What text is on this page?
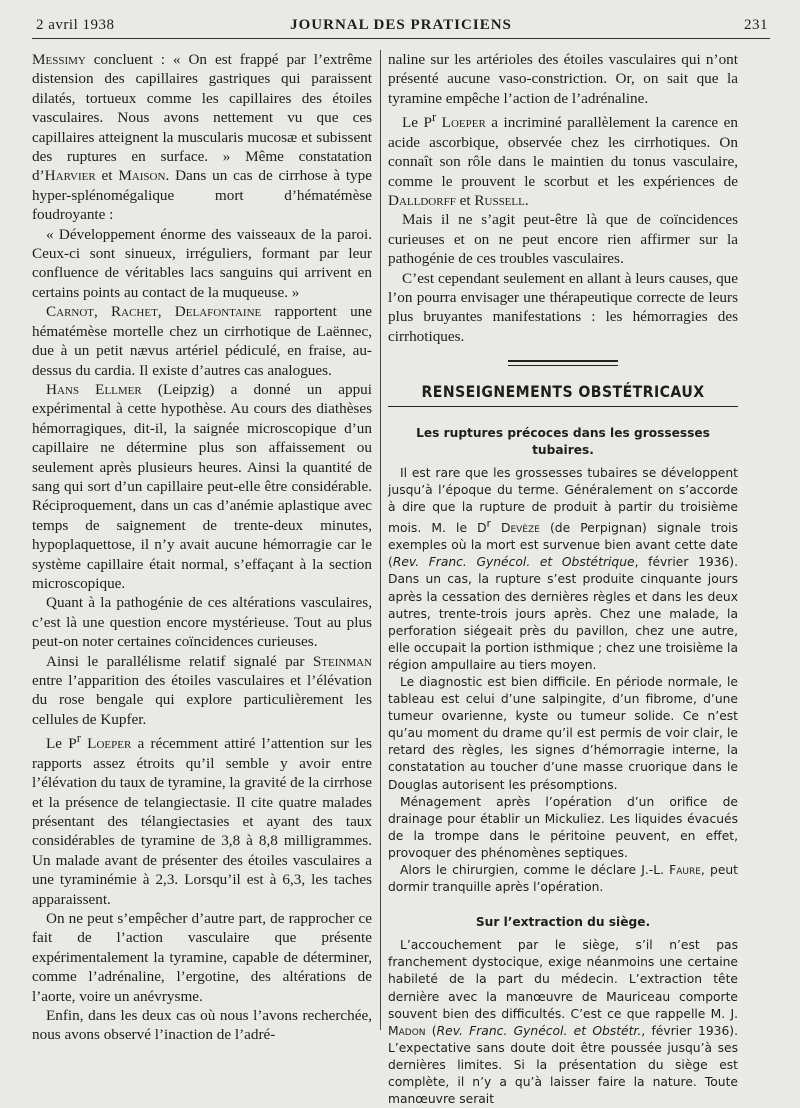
2 avril 1938	JOURNAL DES PRATICIENS	231

Messimy concluent : « On est frappé par l’extrême distension des capillaires gastriques qui paraissent dilatés, tortueux comme les capillaires des étoiles vasculaires. Nous avons nettement vu que ces capillaires atteignent la muscularis mucosæ et subissent des ruptures en surface. » Même constatation d’Harvier et Maison. Dans un cas de cirrhose à type hyper-splénomégalique mort d’hématémèse foudroyante :

« Développement énorme des vaisseaux de la paroi. Ceux-ci sont sinueux, irréguliers, formant par leur confluence de véritables lacs sanguins qui arrivent en certains points au contact de la muqueuse. »

Carnot, Rachet, Delafontaine rapportent une hématémèse mortelle chez un cirrhotique de Laënnec, due à un petit nævus artériel pédiculé, en fraise, au-dessus du cardia. Il existe d’autres cas analogues.

Hans Ellmer (Leipzig) a donné un appui expérimental à cette hypothèse. Au cours des diathèses hémorragiques, dit-il, la saignée microscopique d’un capillaire ne détermine plus son affaissement ou seulement après plusieurs heures. Ainsi la quantité de sang qui sort d’un capillaire peut-elle être considérable. Réciproquement, dans un cas d’anémie aplastique avec temps de saignement de trente-deux minutes, hypoplaquettose, il n’y avait aucune hémorragie car le système capillaire était normal, s’effaçant à la section microscopique.

Quant à la pathogénie de ces altérations vasculaires, c’est là une question encore mystérieuse. Tout au plus peut-on noter certaines coïncidences curieuses.

Ainsi le parallélisme relatif signalé par Steinman entre l’apparition des étoiles vasculaires et l’élévation du rose bengale qui explore particulièrement les cellules de Kupfer.

Le $P^r$ Loeper a récemment attiré l’attention sur les rapports assez étroits qu’il semble y avoir entre l’élévation du taux de tyramine, la gravité de la cirrhose et la présence de telangiectasie. Il cite quatre malades présentant des télangiectasies et ayant des taux considérables de tyramine de 3,8 à 8,8 milligrammes. Un malade avant de présenter des étoiles vasculaires a une tyraminémie à 2,3. Lorsqu’il est à 6,3, les taches apparaissent.

On ne peut s’empêcher d’autre part, de rapprocher ce fait de l’action vasculaire que présente expérimentalement la tyramine, capable de déterminer, comme l’adrénaline, l’ergotine, des altérations de l’aorte, voire un anévrysme.

Enfin, dans les deux cas où nous l’avons recherchée, nous avons observé l’inaction de l’adré-

naline sur les artérioles des étoiles vasculaires qui n’ont présenté aucune vaso-constriction. Or, on sait que la tyramine empêche l’action de l’adrénaline.

Le $P^r$ Loeper a incriminé parallèlement la carence en acide ascorbique, observée chez les cirrhotiques. On connaît son rôle dans le maintien du tonus vasculaire, comme le prouvent le scorbut et les expériences de Dalldorff et Russell.

Mais il ne s’agit peut-être là que de coïncidences curieuses et on ne peut encore rien affirmer sur la pathogénie de ces troubles vasculaires.

C’est cependant seulement en allant à leurs causes, que l’on pourra envisager une thérapeutique correcte de leurs plus bruyantes manifestations : les hémorragies des cirrhotiques.

RENSEIGNEMENTS OBSTÉTRICAUX
Les ruptures précoces dans les grossesses tubaires.

Il est rare que les grossesses tubaires se développent jusqu’à l’époque du terme. Généralement on s’accorde à dire que la rupture de produit à partir du troisième mois. M. le $D^r$ Devèze (de Perpignan) signale trois exemples où la mort est survenue bien avant cette date (Rev. Franc. Gynécol. et Obstétrique, février 1936). Dans un cas, la rupture s’est produite cinquante jours après la cessation des dernières règles et dans les deux autres, trente-trois jours après. Chez une malade, la perforation siégeait près du pavillon, chez une autre, elle occupait la portion isthmique ; chez une troisième la région ampullaire au tiers moyen.

Le diagnostic est bien difficile. En période normale, le tableau est celui d’une salpingite, d’un fibrome, d’une tumeur ovarienne, kyste ou tumeur solide. Ce n’est qu’au moment du drame qu’il est permis de voir clair, le retard des règles, les signes d’hémorragie interne, la constatation au toucher d’une masse cruorique dans le Douglas autorisent les présomptions.

Ménagement après l’opération d’un orifice de drainage pour établir un Mickuliez. Les liquides évacués de la trompe dans le péritoine peuvent, en effet, provoquer des phénomènes septiques.

Alors le chirurgien, comme le déclare J.-L. Faure, peut dormir tranquille après l’opération.

Sur l’extraction du siège.

L’accouchement par le siège, s’il n’est pas franchement dystocique, exige néanmoins une certaine habileté de la part du médecin. L’extraction tête dernière avec la manœuvre de Mauriceau comporte souvent bien des difficultés. C’est ce que rappelle M. J. Madon (Rev. Franc. Gynécol. et Obstétr., février 1936). L’expectative sans doute doit être poussée jusqu’à ses dernières limites. Si la présentation du siège est complète, il n’y a qu’à laisser faire la nature. Toute manœuvre serait
